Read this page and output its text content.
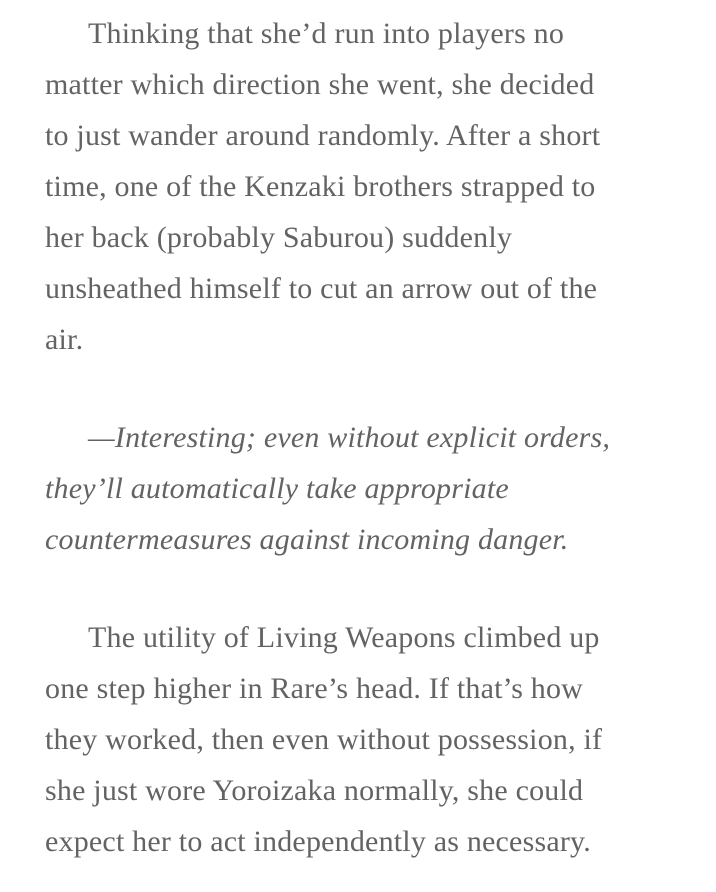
Thinking that she’d run into players no
matter which direction she went, she decided
to just wander around randomly. After a short
time, one of the Kenzaki brothers strapped to
her back (probably Saburou) suddenly
unsheathed himself to cut an arrow out of the
air.

—Interesting; even without explicit orders,
they’ll automatically take appropriate
countermeasures against incoming danger.

The utility of Living Weapons climbed up
one step higher in Rare’s head. If that’s how
they worked, then even without possession, if
she just wore Yoroizaka normally, she could
expect her to act independently as necessary.
